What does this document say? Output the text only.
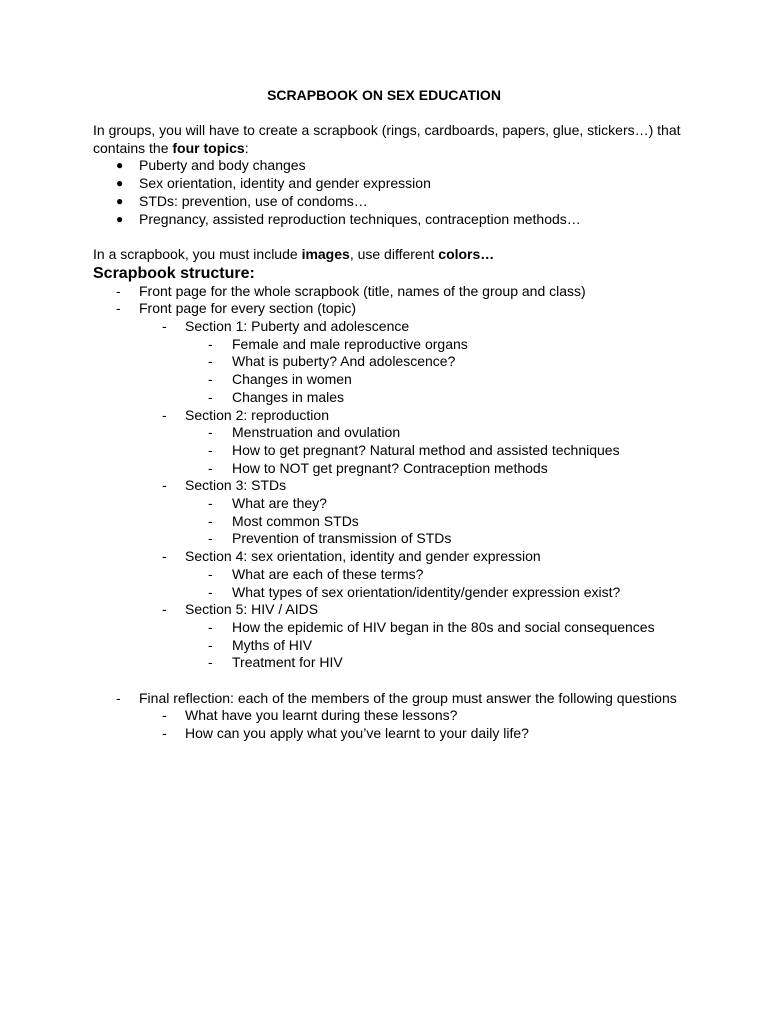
SCRAPBOOK ON SEX EDUCATION

In groups, you will have to create a scrapbook (rings, cardboards, papers, glue, stickers…) that contains the four topics:

●	Puberty and body changes
●	Sex orientation, identity and gender expression
●	STDs: prevention, use of condoms…
●	Pregnancy, assisted reproduction techniques, contraception methods…

In a scrapbook, you must include images, use different colors…

Scrapbook structure:

- Front page for the whole scrapbook (title, names of the group and class)
- Front page for every section (topic)
- Section 1: Puberty and adolescence
- Female and male reproductive organs
- What is puberty? And adolescence?
- Changes in women
- Changes in males
- Section 2: reproduction
- Menstruation and ovulation
- How to get pregnant? Natural method and assisted techniques
- How to NOT get pregnant? Contraception methods
- Section 3: STDs
- What are they?
- Most common STDs
- Prevention of transmission of STDs
- Section 4: sex orientation, identity and gender expression
- What are each of these terms?
- What types of sex orientation/identity/gender expression exist?
- Section 5: HIV / AIDS
- How the epidemic of HIV began in the 80s and social consequences
- Myths of HIV
- Treatment for HIV
- Final reflection: each of the members of the group must answer the following questions
- What have you learnt during these lessons?
- How can you apply what you’ve learnt to your daily life?
